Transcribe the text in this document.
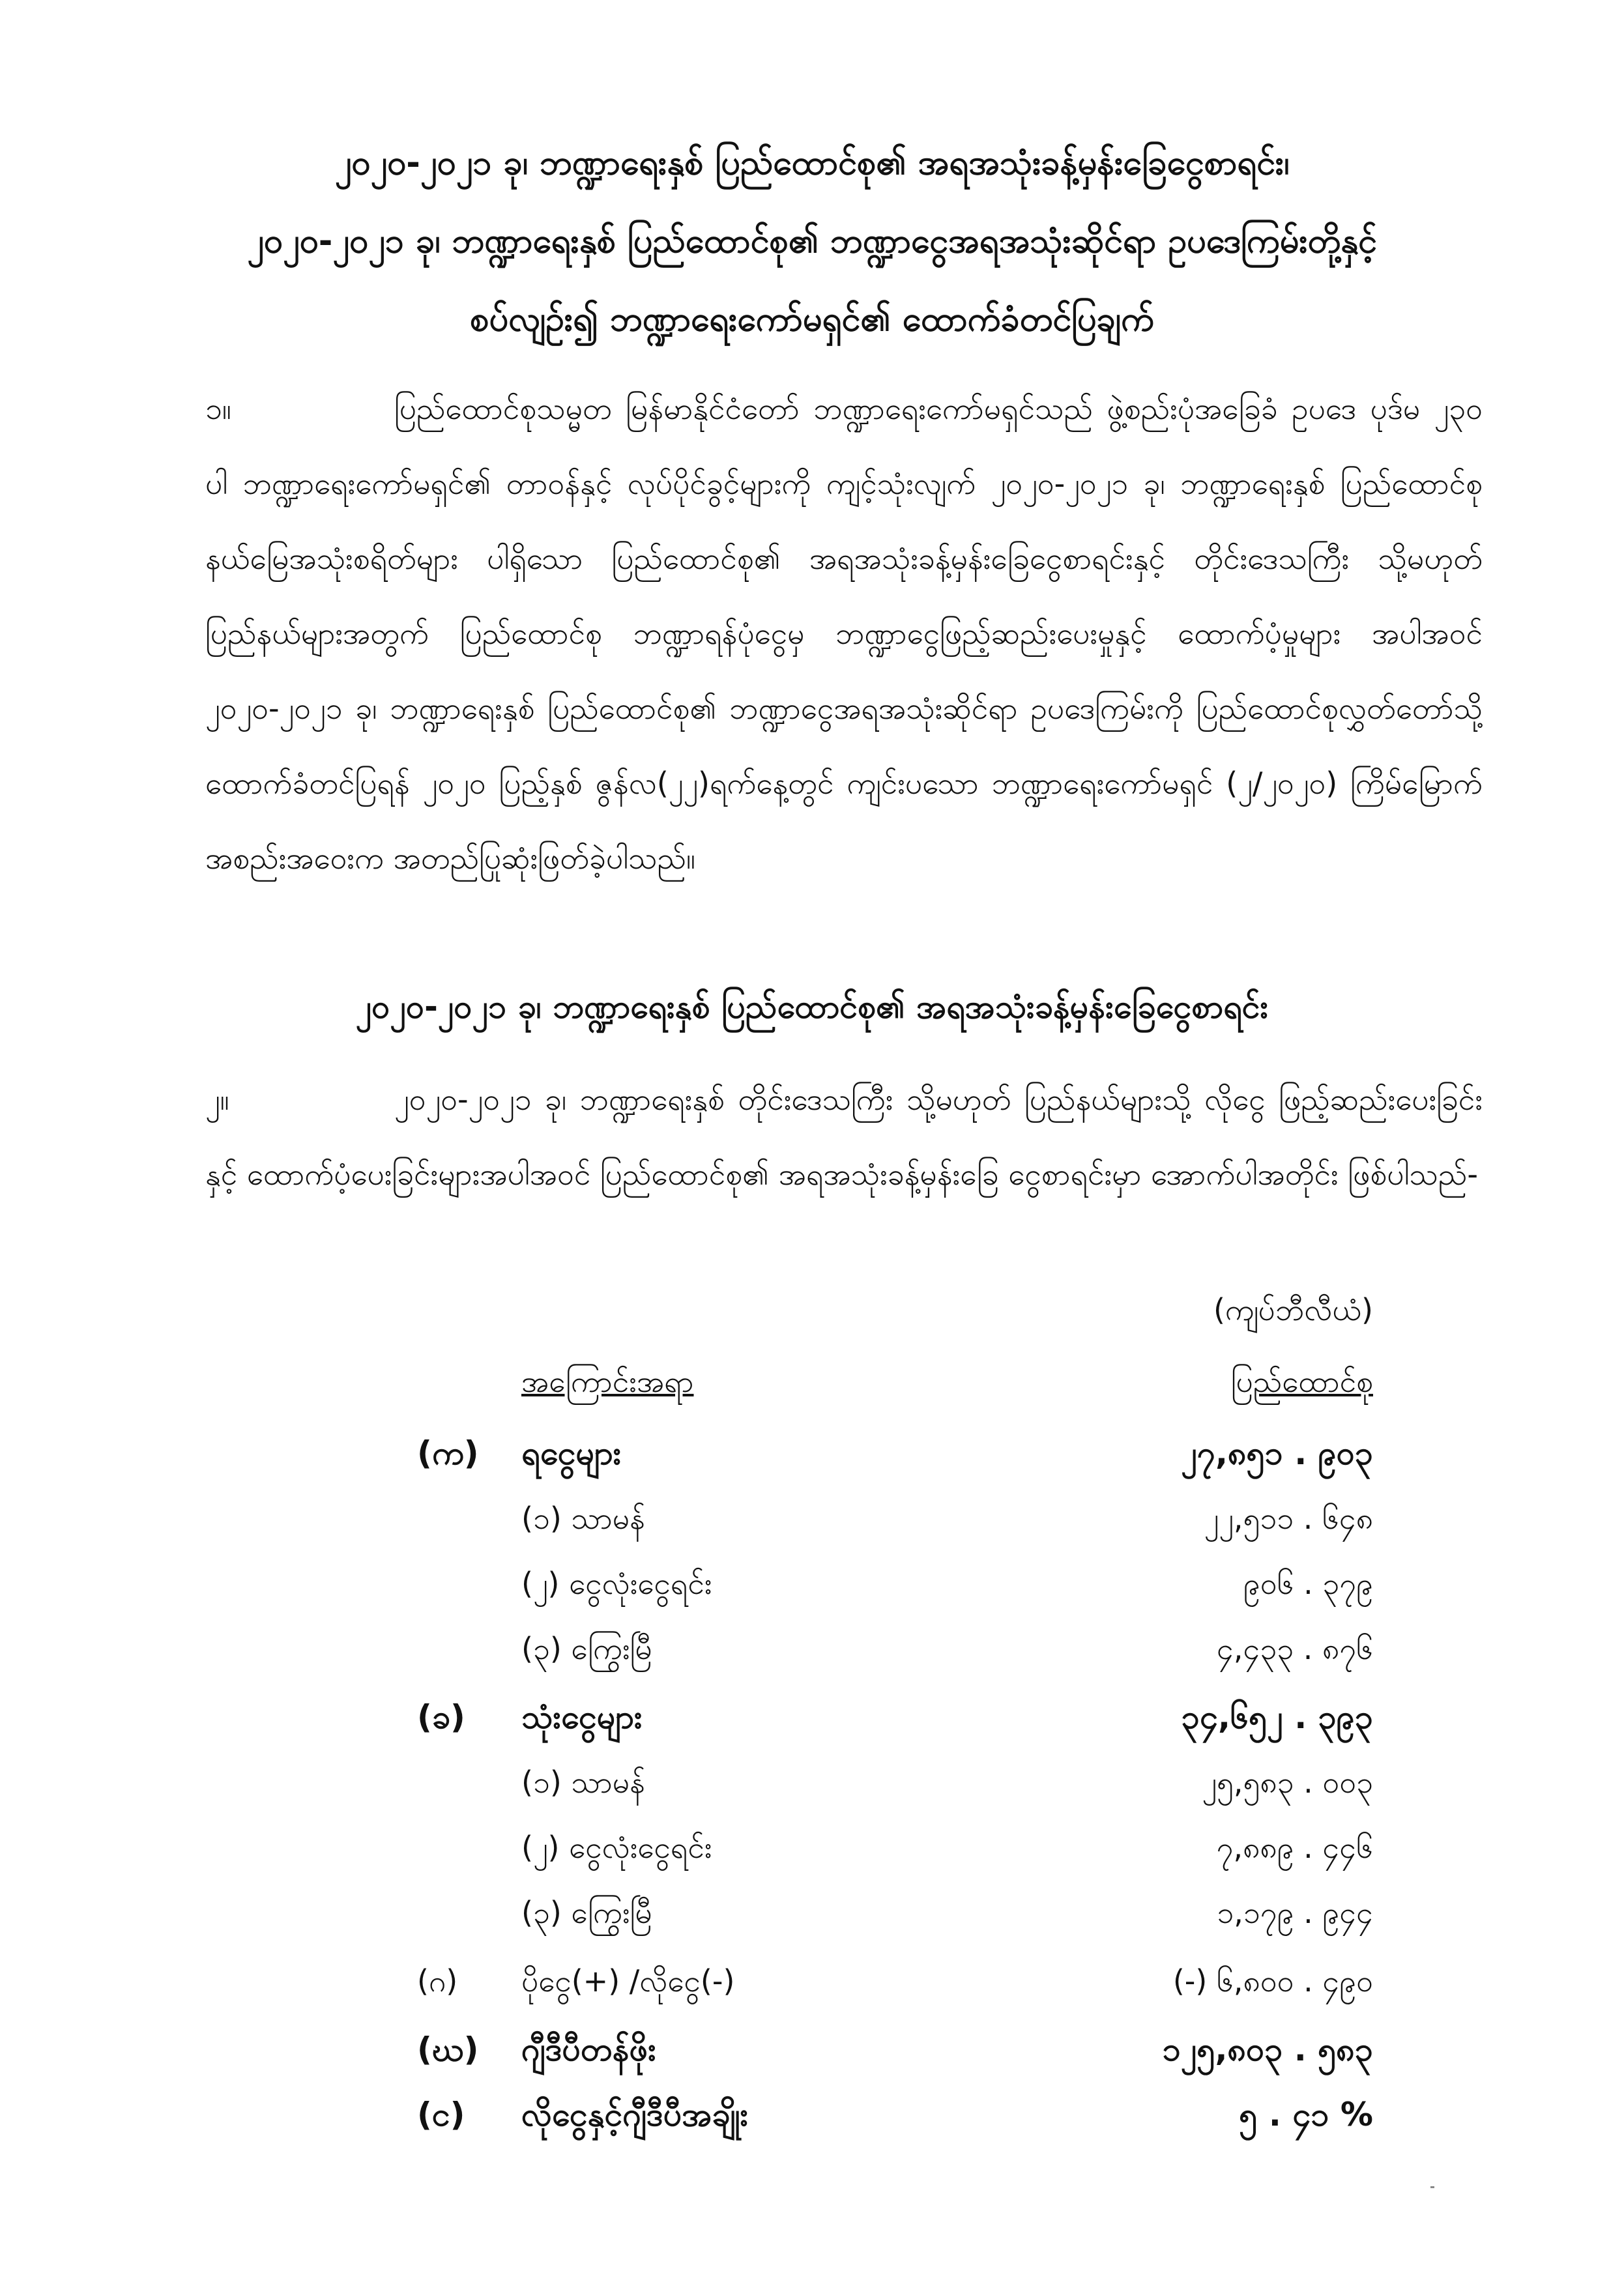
၂၀၂၀-၂၀၂၁ ခု၊ ဘဏ္ဍာရေးနှစ် ပြည်ထောင်စု၏ အရအသုံးခန့်မှန်းခြေငွေစာရင်း၊
၂၀၂၀-၂၀၂၁ ခု၊ ဘဏ္ဍာရေးနှစ် ပြည်ထောင်စု၏ ဘဏ္ဍာငွေအရအသုံးဆိုင်ရာ ဥပဒေကြမ်းတို့နှင့်
စပ်လျဉ်း၍ ဘဏ္ဍာရေးကော်မရှင်၏ ထောက်ခံတင်ပြချက်
၁။	ပြည်ထောင်စုသမ္မတ မြန်မာနိုင်ငံတော် ဘဏ္ဍာရေးကော်မရှင်သည် ဖွဲ့စည်းပုံအခြေခံ ဥပဒေ ပုဒ်မ ၂၃၀ ပါ ဘဏ္ဍာရေးကော်မရှင်၏ တာဝန်နှင့် လုပ်ပိုင်ခွင့်များကို ကျင့်သုံးလျက် ၂၀၂၀-၂၀၂၁ ခု၊ ဘဏ္ဍာရေးနှစ် ပြည်ထောင်စုနယ်မြေအသုံးစရိတ်များ ပါရှိသော ပြည်ထောင်စု၏ အရအသုံးခန့်မှန်းခြေငွေစာရင်းနှင့် တိုင်းဒေသကြီး သို့မဟုတ် ပြည်နယ်များအတွက် ပြည်ထောင်စု ဘဏ္ဍာရန်ပုံငွေမှ ဘဏ္ဍာငွေဖြည့်ဆည်းပေးမှုနှင့် ထောက်ပံ့မှုများ အပါအဝင် ၂၀၂၀-၂၀၂၁ ခု၊ ဘဏ္ဍာရေးနှစ် ပြည်ထောင်စု၏ ဘဏ္ဍာငွေအရအသုံးဆိုင်ရာ ဥပဒေကြမ်းကို ပြည်ထောင်စုလွှတ်တော်သို့ ထောက်ခံတင်ပြရန် ၂၀၂၀ ပြည့်နှစ် ဇွန်လ(၂၂)ရက်နေ့တွင် ကျင်းပသော ဘဏ္ဍာရေးကော်မရှင် (၂/၂၀၂၀) ကြိမ်မြောက်အစည်းအဝေးက အတည်ပြုဆုံးဖြတ်ခဲ့ပါသည်။
၂၀၂၀-၂၀၂၁ ခု၊ ဘဏ္ဍာရေးနှစ် ပြည်ထောင်စု၏ အရအသုံးခန့်မှန်းခြေငွေစာရင်း
၂။	၂၀၂၀-၂၀၂၁ ခု၊ ဘဏ္ဍာရေးနှစ် တိုင်းဒေသကြီး သို့မဟုတ် ပြည်နယ်များသို့ လိုငွေ ဖြည့်ဆည်းပေးခြင်းနှင့် ထောက်ပံ့ပေးခြင်းများအပါအဝင် ပြည်ထောင်စု၏ အရအသုံးခန့်မှန်းခြေ ငွေစာရင်းမှာ အောက်ပါအတိုင်း ဖြစ်ပါသည်-
(ကျပ်ဘီလီယံ)
အကြောင်းအရာ	ပြည်ထောင်စု
(က)	ရငွေများ	၂၇,၈၅၁ . ၉၀၃
(၁) သာမန်	၂၂,၅၁၁ . ၆၄၈
(၂) ငွေလုံးငွေရင်း	၉၀၆ . ၃၇၉
(၃) ကြွေးမြီ	၄,၄၃၃ . ၈၇၆
(ခ)	သုံးငွေများ	၃၄,၆၅၂ . ၃၉၃
(၁) သာမန်	၂၅,၅၈၃ . ၀၀၃
(၂) ငွေလုံးငွေရင်း	၇,၈၈၉ . ၄၄၆
(၃) ကြွေးမြီ	၁,၁၇၉ . ၉၄၄
(ဂ)	ပိုငွေ(+) /လိုငွေ(-)	(-) ၆,၈၀၀ . ၄၉၀
(ဃ)	ဂျီဒီပီတန်ဖိုး	၁၂၅,၈၀၃ . ၅၈၃
(င)	လိုငွေနှင့်ဂျီဒီပီအချိုး	၅ . ၄၁ %
